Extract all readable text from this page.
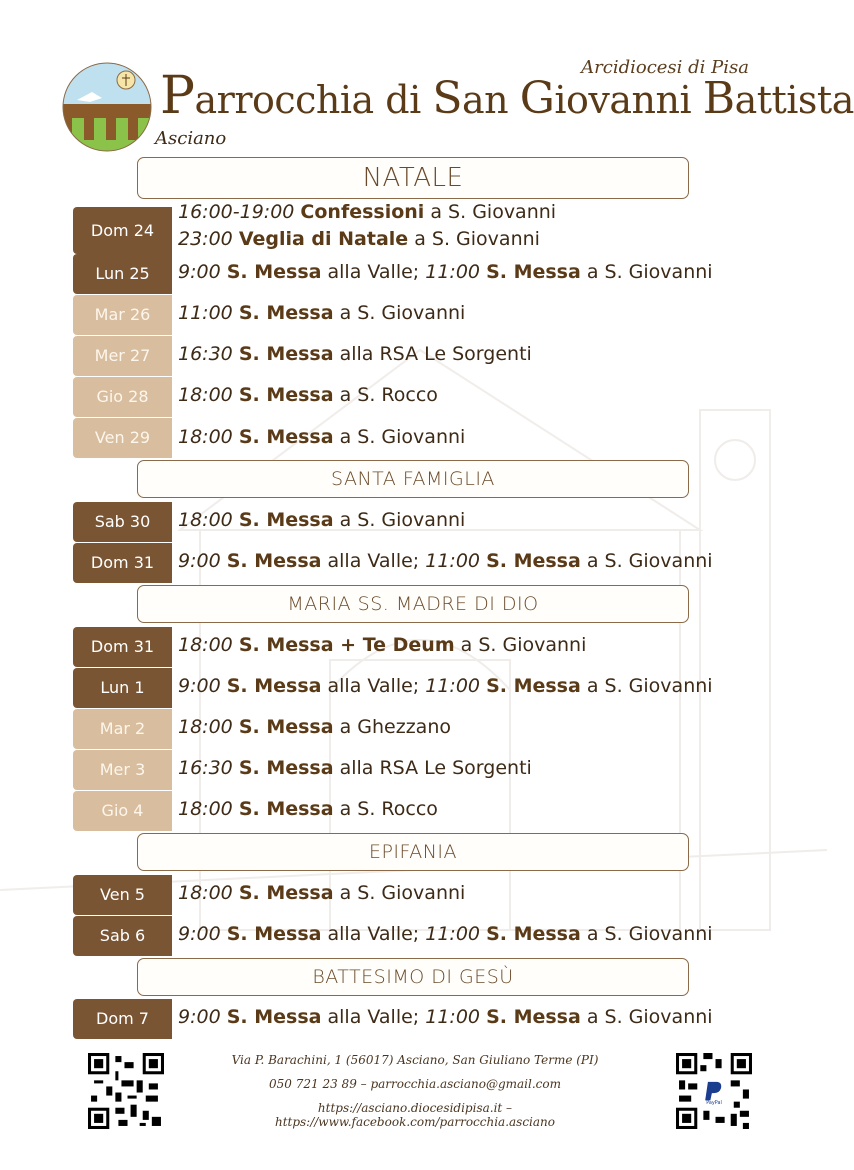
Arcidiocesi di Pisa
Parrocchia di San Giovanni Battista
Asciano
NATALE
Dom 24
16:00-19:00 Confessioni a S. Giovanni
23:00 Veglia di Natale a S. Giovanni
Lun 25	9:00 S. Messa alla Valle; 11:00 S. Messa a S. Giovanni
Mar 26	11:00 S. Messa a S. Giovanni
Mer 27	16:30 S. Messa alla RSA Le Sorgenti
Gio 28	18:00 S. Messa a S. Rocco
Ven 29	18:00 S. Messa a S. Giovanni
SANTA FAMIGLIA
Sab 30	18:00 S. Messa a S. Giovanni
Dom 31	9:00 S. Messa alla Valle; 11:00 S. Messa a S. Giovanni
MARIA SS. MADRE DI DIO
Dom 31	18:00 S. Messa + Te Deum a S. Giovanni
Lun 1	9:00 S. Messa alla Valle; 11:00 S. Messa a S. Giovanni
Mar 2	18:00 S. Messa a Ghezzano
Mer 3	16:30 S. Messa alla RSA Le Sorgenti
Gio 4	18:00 S. Messa a S. Rocco
EPIFANIA
Ven 5	18:00 S. Messa a S. Giovanni
Sab 6	9:00 S. Messa alla Valle; 11:00 S. Messa a S. Giovanni
BATTESIMO DI GESÙ
Dom 7	9:00 S. Messa alla Valle; 11:00 S. Messa a S. Giovanni
Via P. Barachini, 1 (56017) Asciano, San Giuliano Terme (PI)
050 721 23 89 – parrocchia.asciano@gmail.com
https://asciano.diocesidipisa.it – https://www.facebook.com/parrocchia.asciano
PayPal
